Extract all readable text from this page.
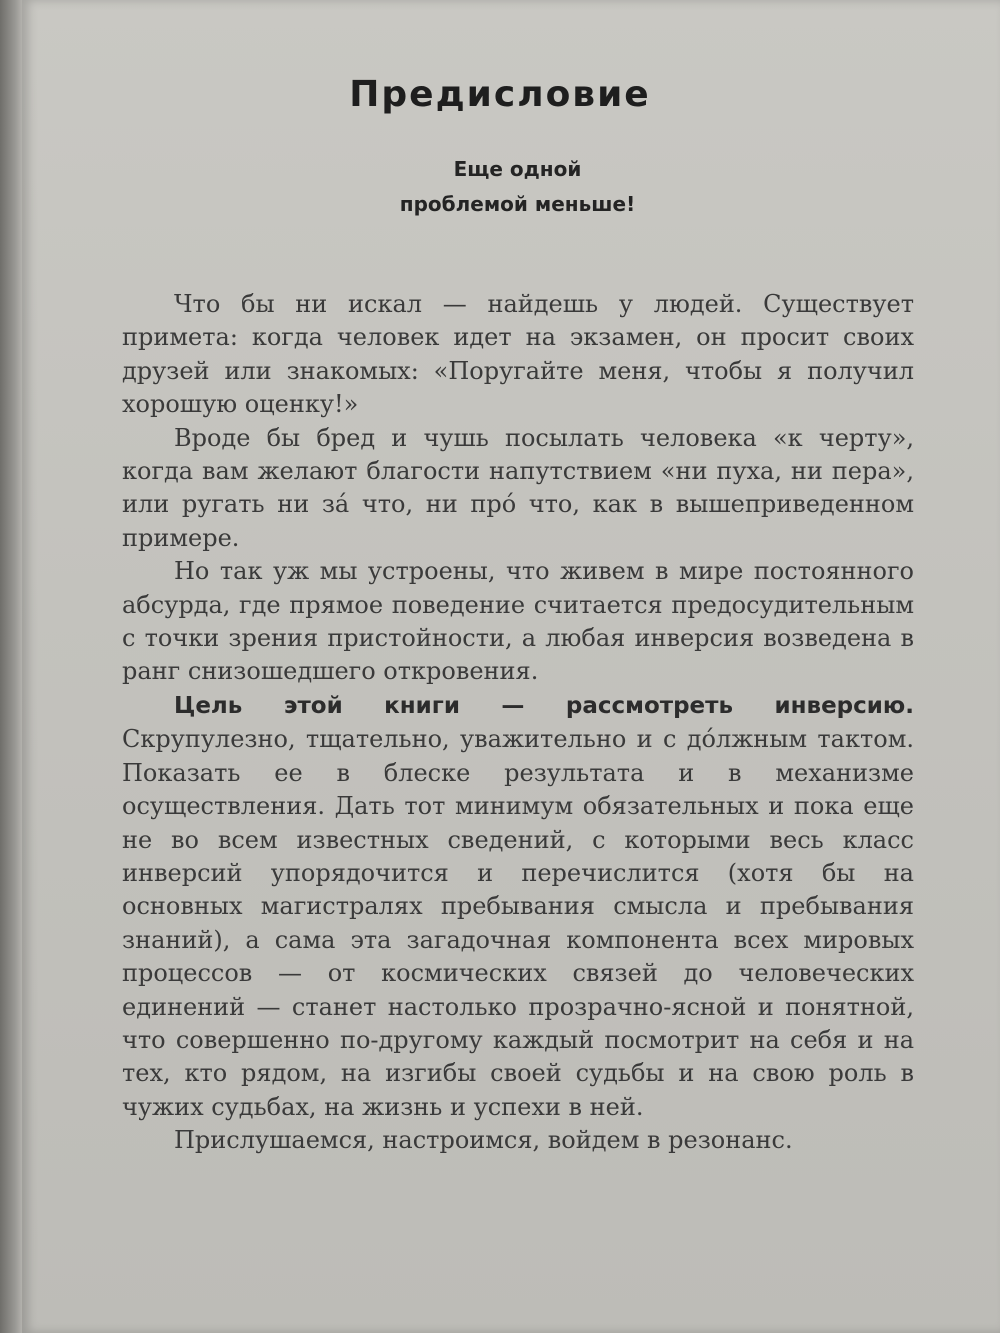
Предисловие
Еще одной
проблемой меньше!

Что бы ни искал — найдешь у людей. Существует примета: когда человек идет на экзамен, он просит своих друзей или знакомых: «Поругайте меня, чтобы я получил хорошую оценку!»

Вроде бы бред и чушь посылать человека «к черту», когда вам желают благости напутствием «ни пуха, ни пера», или ругать ни зá что, ни прó что, как в вышеприведенном примере.

Но так уж мы устроены, что живем в мире постоянного абсурда, где прямое поведение считается предосудительным с точки зрения пристойности, а любая инверсия возведена в ранг снизошедшего откровения.

Цель этой книги — рассмотреть инверсию. Скрупулезно, тщательно, уважительно и с дóлжным тактом. Показать ее в блеске результата и в механизме осуществления. Дать тот минимум обязательных и пока еще не во всем известных сведений, с которыми весь класс инверсий упорядочится и перечислится (хотя бы на основных магистралях пребывания смысла и пребывания знаний), а сама эта загадочная компонента всех мировых процессов — от космических связей до человеческих единений — станет настолько прозрачно-ясной и понятной, что совершенно по-другому каждый посмотрит на себя и на тех, кто рядом, на изгибы своей судьбы и на свою роль в чужих судьбах, на жизнь и успехи в ней.

Прислушаемся, настроимся, войдем в резонанс.
